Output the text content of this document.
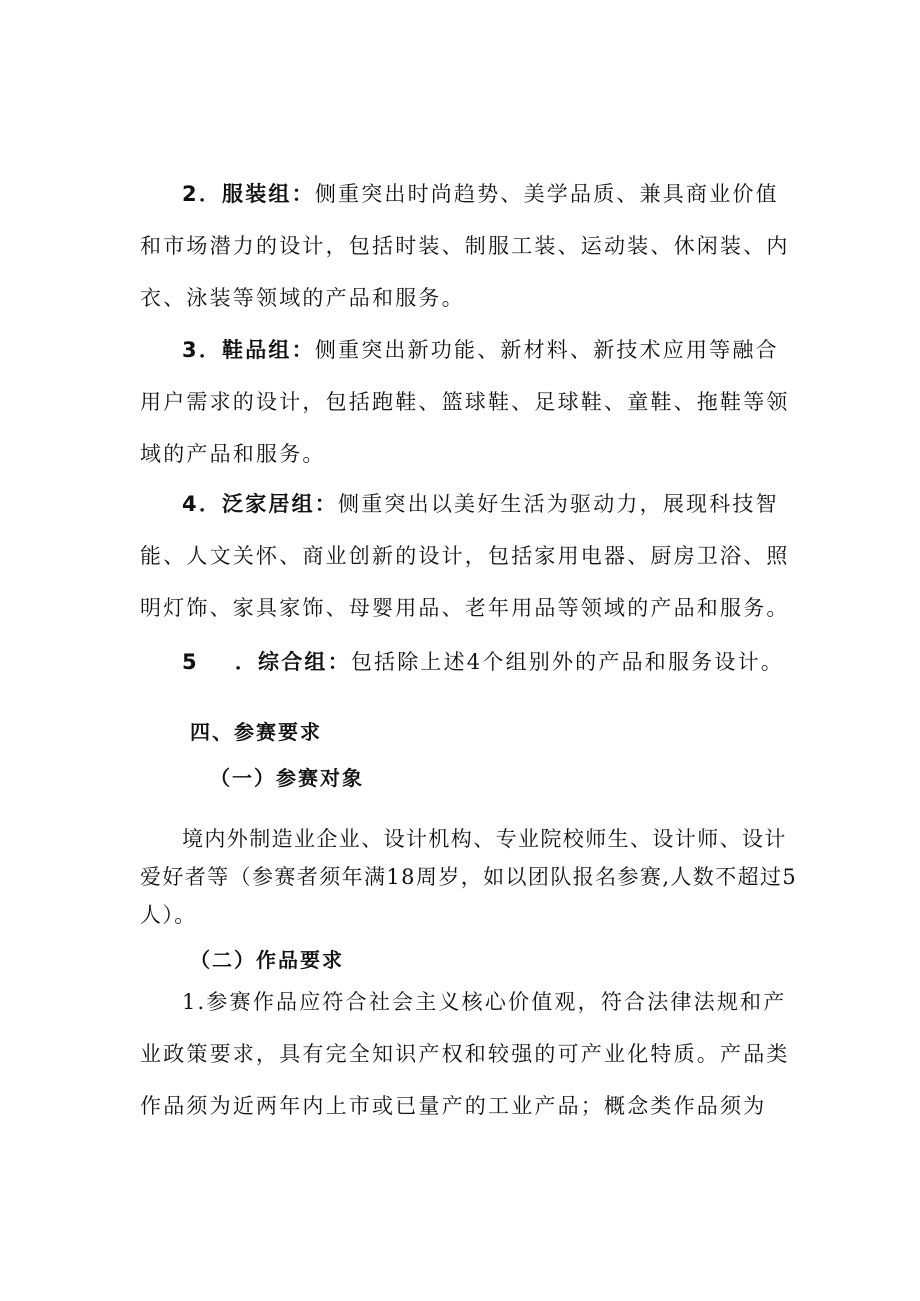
2．服装组：侧重突出时尚趋势、美学品质、兼具商业价值和市场潜力的设计，包括时装、制服工装、运动装、休闲装、内衣、泳装等领域的产品和服务。

3．鞋品组：侧重突出新功能、新材料、新技术应用等融合用户需求的设计，包括跑鞋、篮球鞋、足球鞋、童鞋、拖鞋等领域的产品和服务。

4．泛家居组：侧重突出以美好生活为驱动力，展现科技智能、人文关怀、商业创新的设计，包括家用电器、厨房卫浴、照明灯饰、家具家饰、母婴用品、老年用品等领域的产品和服务。

5 ．综合组：包括除上述4个组别外的产品和服务设计。

四、参赛要求
（一）参赛对象

境内外制造业企业、设计机构、专业院校师生、设计师、设计爱好者等（参赛者须年满18周岁，如以团队报名参赛,人数不超过5人）。

（二）作品要求

1.参赛作品应符合社会主义核心价值观，符合法律法规和产业政策要求，具有完全知识产权和较强的可产业化特质。产品类作品须为近两年内上市或已量产的工业产品；概念类作品须为
